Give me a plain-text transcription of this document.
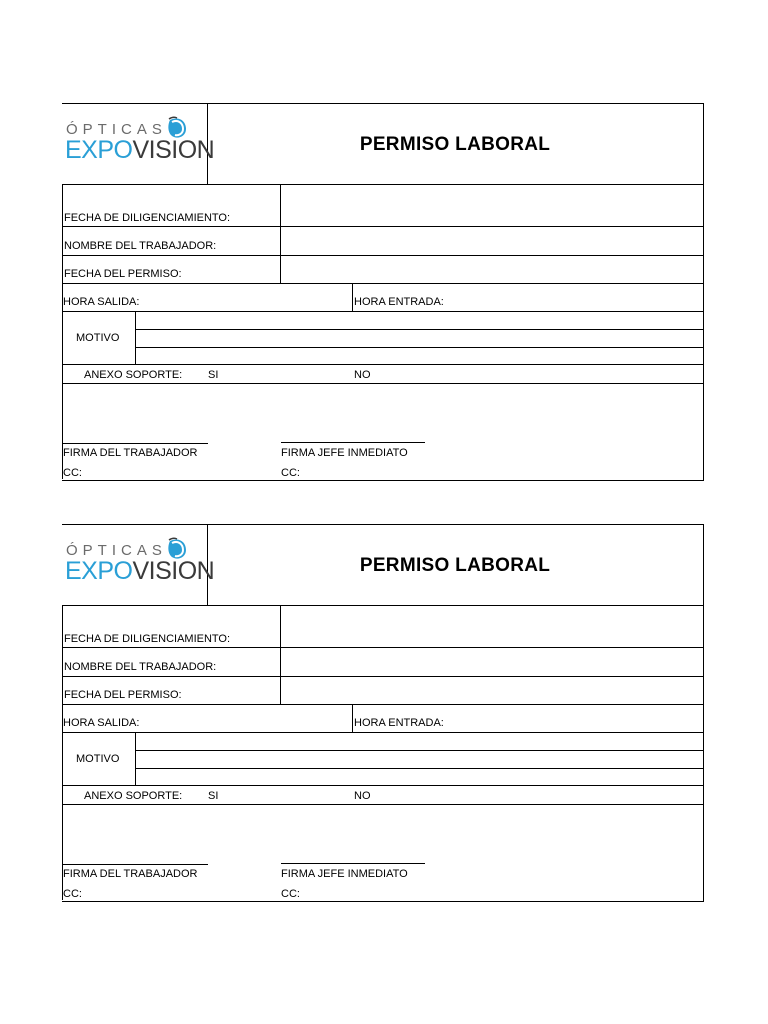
ÓPTICAS
EXPOVISION	PERMISO LABORAL
FECHA DE DILIGENCIAMIENTO:
NOMBRE DEL TRABAJADOR:
FECHA DEL PERMISO:
HORA SALIDA:	HORA ENTRADA:
MOTIVO
ANEXO SOPORTE: SI	NO
FIRMA DEL TRABAJADOR	FIRMA JEFE INMEDIATO
CC:	CC:
ÓPTICAS
EXPOVISION	PERMISO LABORAL
FECHA DE DILIGENCIAMIENTO:
NOMBRE DEL TRABAJADOR:
FECHA DEL PERMISO:
HORA SALIDA:	HORA ENTRADA:
MOTIVO
ANEXO SOPORTE: SI	NO
FIRMA DEL TRABAJADOR	FIRMA JEFE INMEDIATO
CC:	CC:
